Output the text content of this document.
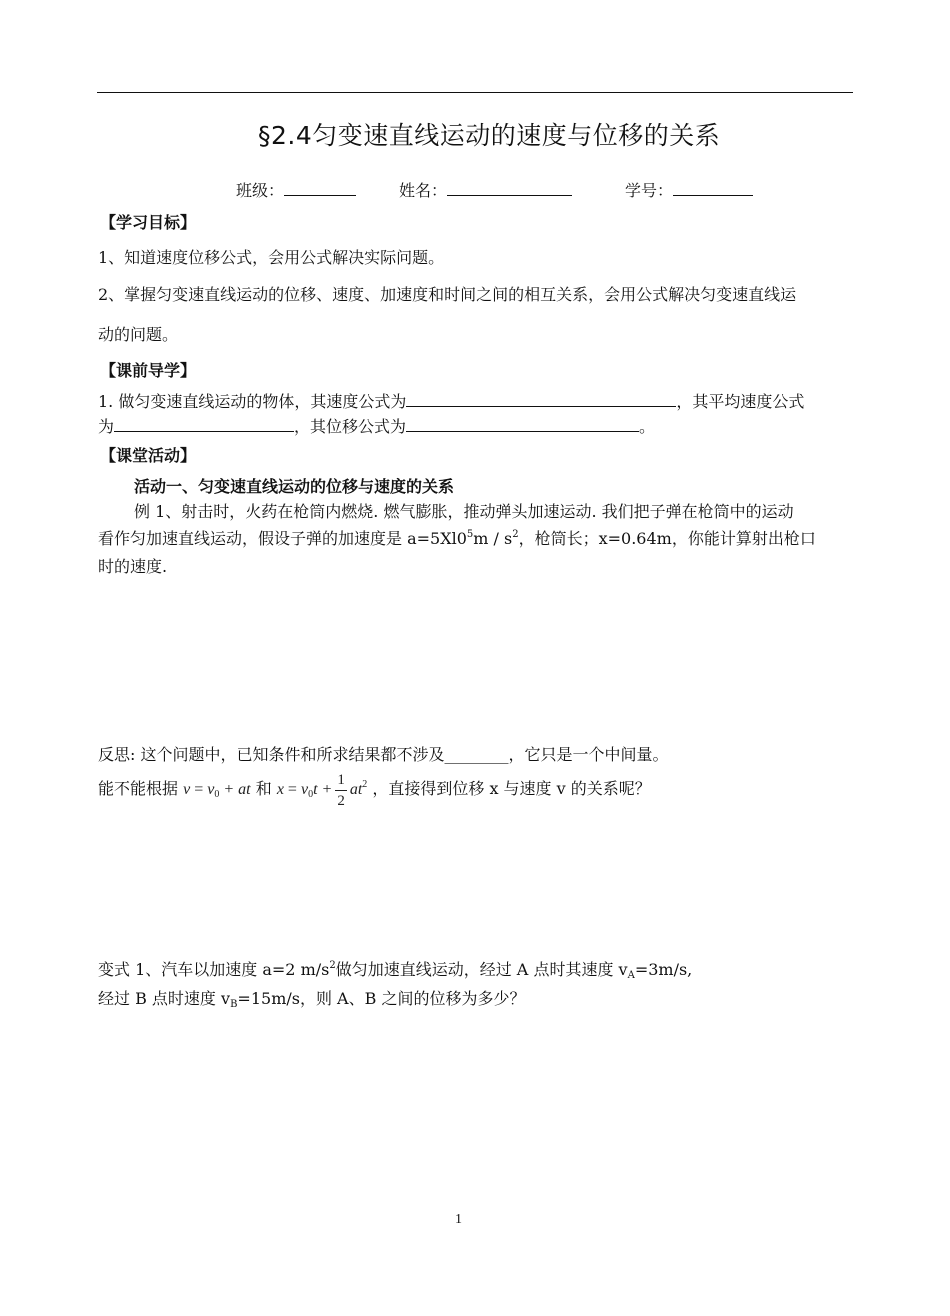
§2.4匀变速直线运动的速度与位移的关系
班级：	姓名：	学号：
【学习目标】
1、知道速度位移公式，会用公式解决实际问题。
2、掌握匀变速直线运动的位移、速度、加速度和时间之间的相互关系，会用公式解决匀变速直线运
动的问题。
【课前导学】
1. 做匀变速直线运动的物体，其速度公式为	，其平均速度公式
为	，其位移公式为	。
【课堂活动】
活动一、匀变速直线运动的位移与速度的关系
例 1、射击时，火药在枪筒内燃烧. 燃气膨胀，推动弹头加速运动. 我们把子弹在枪筒中的运动
看作匀加速直线运动，假设子弹的加速度是 $a=5Xl0^5m / s^2$，枪筒长；x=0.64m，你能计算射出枪口
时的速度.
反思: 这个问题中，已知条件和所求结果都不涉及________，它只是一个中间量。
能不能根据 $v = v_0$ + at 和 $x = v_0t + \frac{1}{2} at^2$ ，直接得到位移 x 与速度 v 的关系呢？
变式 1、汽车以加速度 a=2 $m/s^2$做匀加速直线运动，经过 A 点时其速度 $v_A=3m/s$,
经过 B 点时速度 $v_B=15m/s$，则 A、B 之间的位移为多少？
1
